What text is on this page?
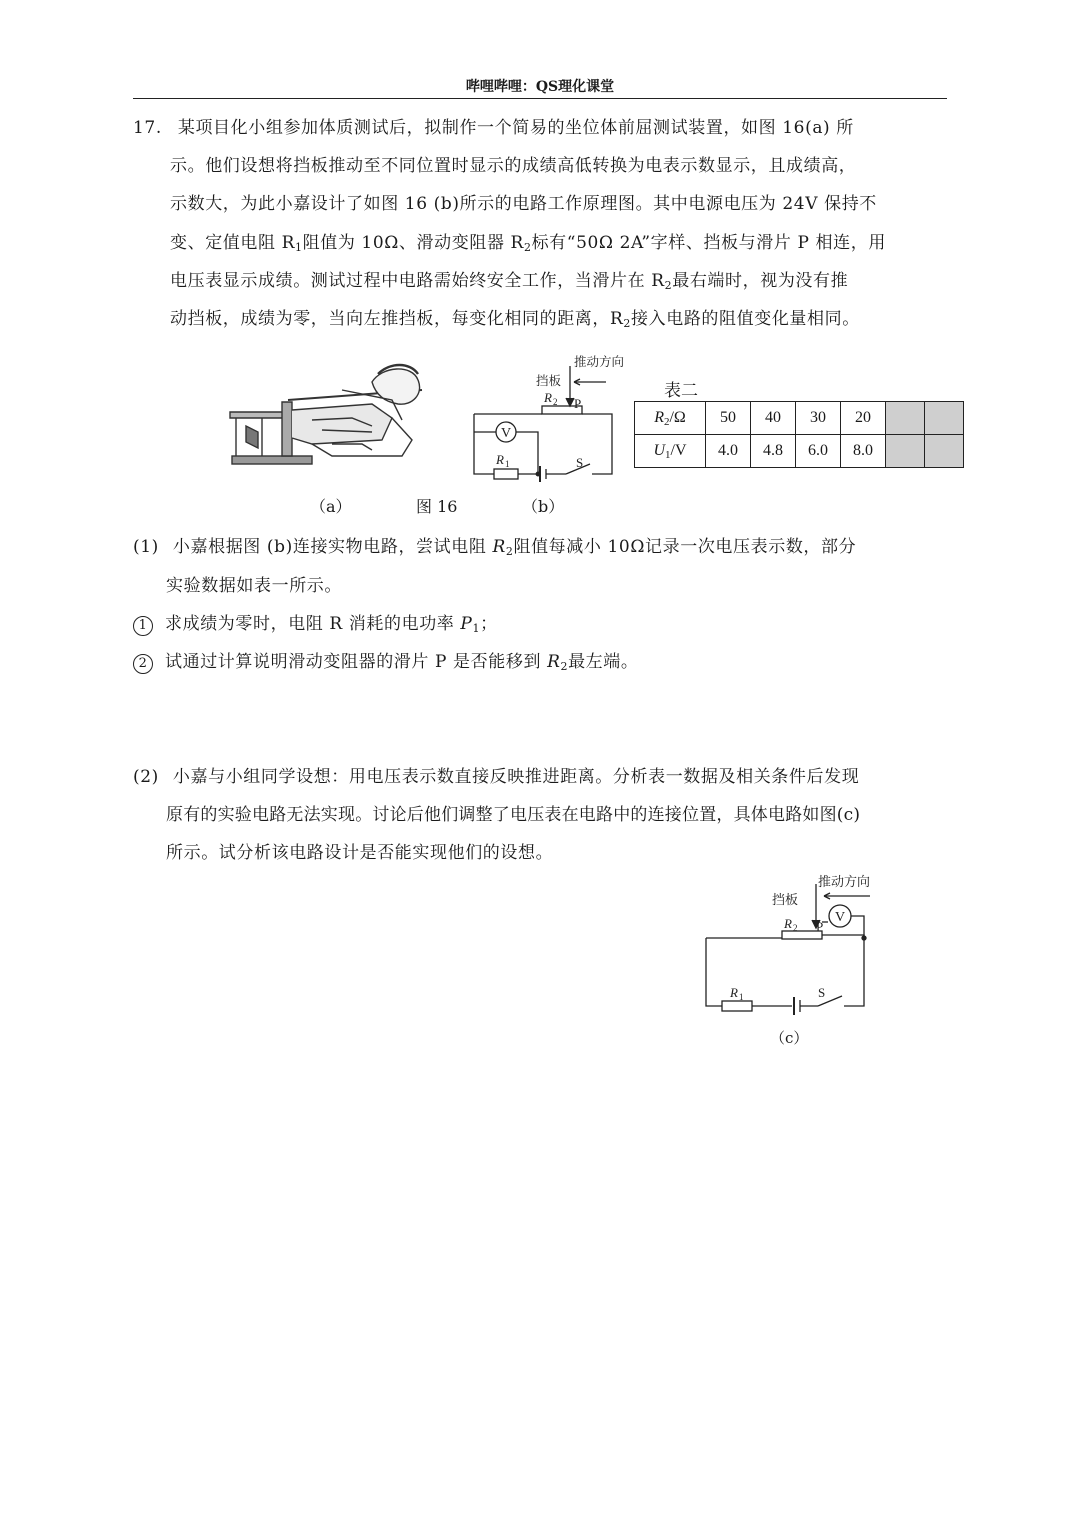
哔哩哔哩：QS理化课堂
17. 某项目化小组参加体质测试后，拟制作一个简易的坐位体前屈测试装置，如图 16(a) 所
示。他们设想将挡板推动至不同位置时显示的成绩高低转换为电表示数显示，且成绩高，
示数大，为此小嘉设计了如图 16 (b)所示的电路工作原理图。其中电源电压为 24V 保持不
变、定值电阻 $R_1$阻值为 10Ω、滑动变阻器 $R_2$标有“50Ω 2A”字样、挡板与滑片 P 相连，用
电压表显示成绩。测试过程中电路需始终安全工作，当滑片在 $R_2$最右端时，视为没有推
动挡板，成绩为零，当向左推挡板，每变化相同的距离，$R_2$接入电路的阻值变化量相同。
V
推动方向
挡板
R 2 P
R 1	S
（a）	图 16	（b）
表二
$R_2/\Omega$	50	40	30	20		
$U_1/V$	4.0	4.8	6.0	8.0		
(1) 小嘉根据图 (b)连接实物电路，尝试电阻 $R_2$阻值每减小 10Ω记录一次电压表示数，部分
实验数据如表一所示。
1 求成绩为零时，电阻 R 消耗的电功率 $P_1$；
2 试通过计算说明滑动变阻器的滑片 P 是否能移到 $R_2$最左端。
(2) 小嘉与小组同学设想：用电压表示数直接反映推进距离。分析表一数据及相关条件后发现
原有的实验电路无法实现。讨论后他们调整了电压表在电路中的连接位置，具体电路如图(c)
所示。试分析该电路设计是否能实现他们的设想。
V
推动方向
挡板
R 2 P
R 1	S
（c）
